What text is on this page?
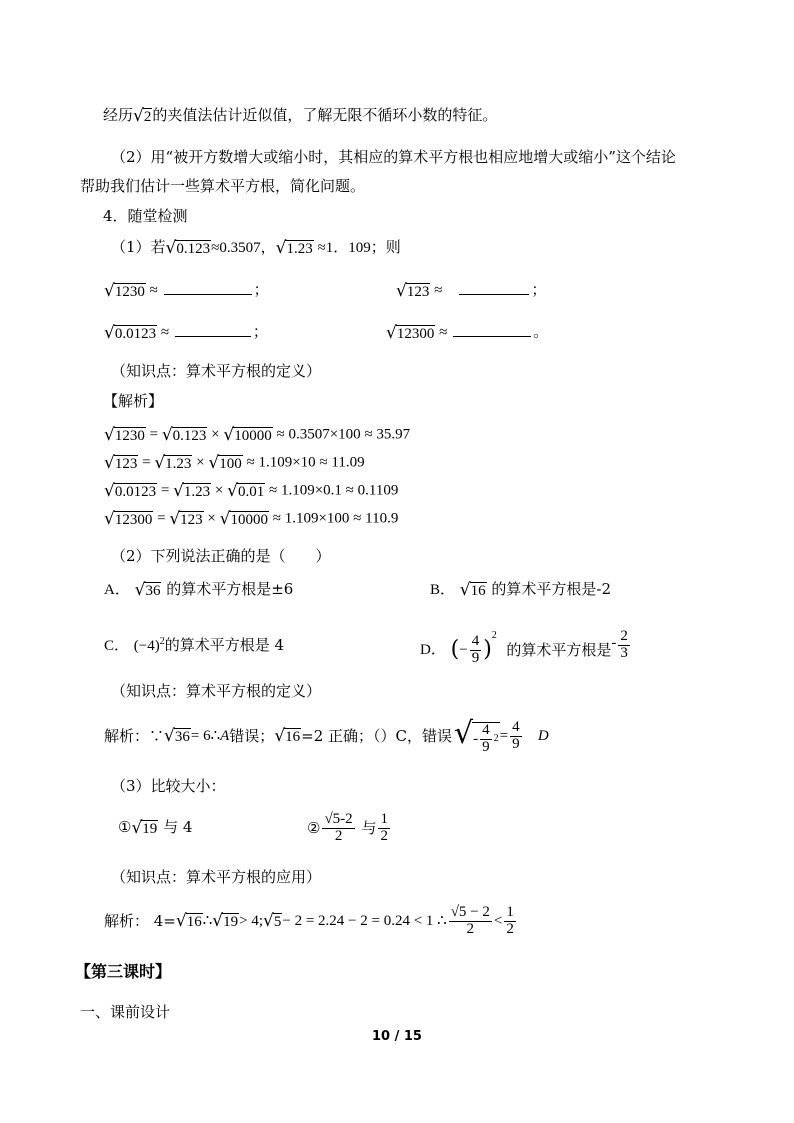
经历√2的夹值法估计近似值，了解无限不循环小数的特征。
（2）用“被开方数增大或缩小时，其相应的算术平方根也相应地增大或缩小”这个结论
帮助我们估计一些算术平方根，简化问题。
4．随堂检测
（1）若√0.123≈0.3507，√1.23 ≈1．109；则
√1230 ≈	；	√123 ≈	；
√0.0123 ≈	；	√12300 ≈	。
（知识点：算术平方根的定义）
【解析】
√1230 = √0.123 × √10000 ≈ 0.3507×100 ≈ 35.97
√123 = √1.23 × √100 ≈ 1.109×10 ≈ 11.09
√0.0123 = √1.23 × √0.01 ≈ 1.109×0.1 ≈ 0.1109
√12300 = √123 × √10000 ≈ 1.109×100 ≈ 110.9
（2）下列说法正确的是（　　）
A． √36 的算术平方根是±6	B． √16 的算术平方根是-2
C． $(-4)^2$的算术平方根是 4	D．
( − $\frac{4}{9}$ )
2

的算术平方根是 - $\frac{2}{3}$
（知识点：算术平方根的定义）
解析：∵ √36 = 6∴ A 错误； √16 =2 正确；（）C，错误 √ - $\frac{4}{9} 2 = \frac{4}{9}$
D
（3）比较大小：
①√19 与 4	② $\frac{√5-2}{2}$
与 $\frac{1}{2}$
（知识点：算术平方根的应用）
解析： 4= √16 ∴ √19 > 4; √5 − 2 = 2.24 − 2 = 0.24 < 1 ∴ $\frac{√5 - 2}{2} < \frac{1}{2}$
【第三课时】
一、课前设计
10 / 15
